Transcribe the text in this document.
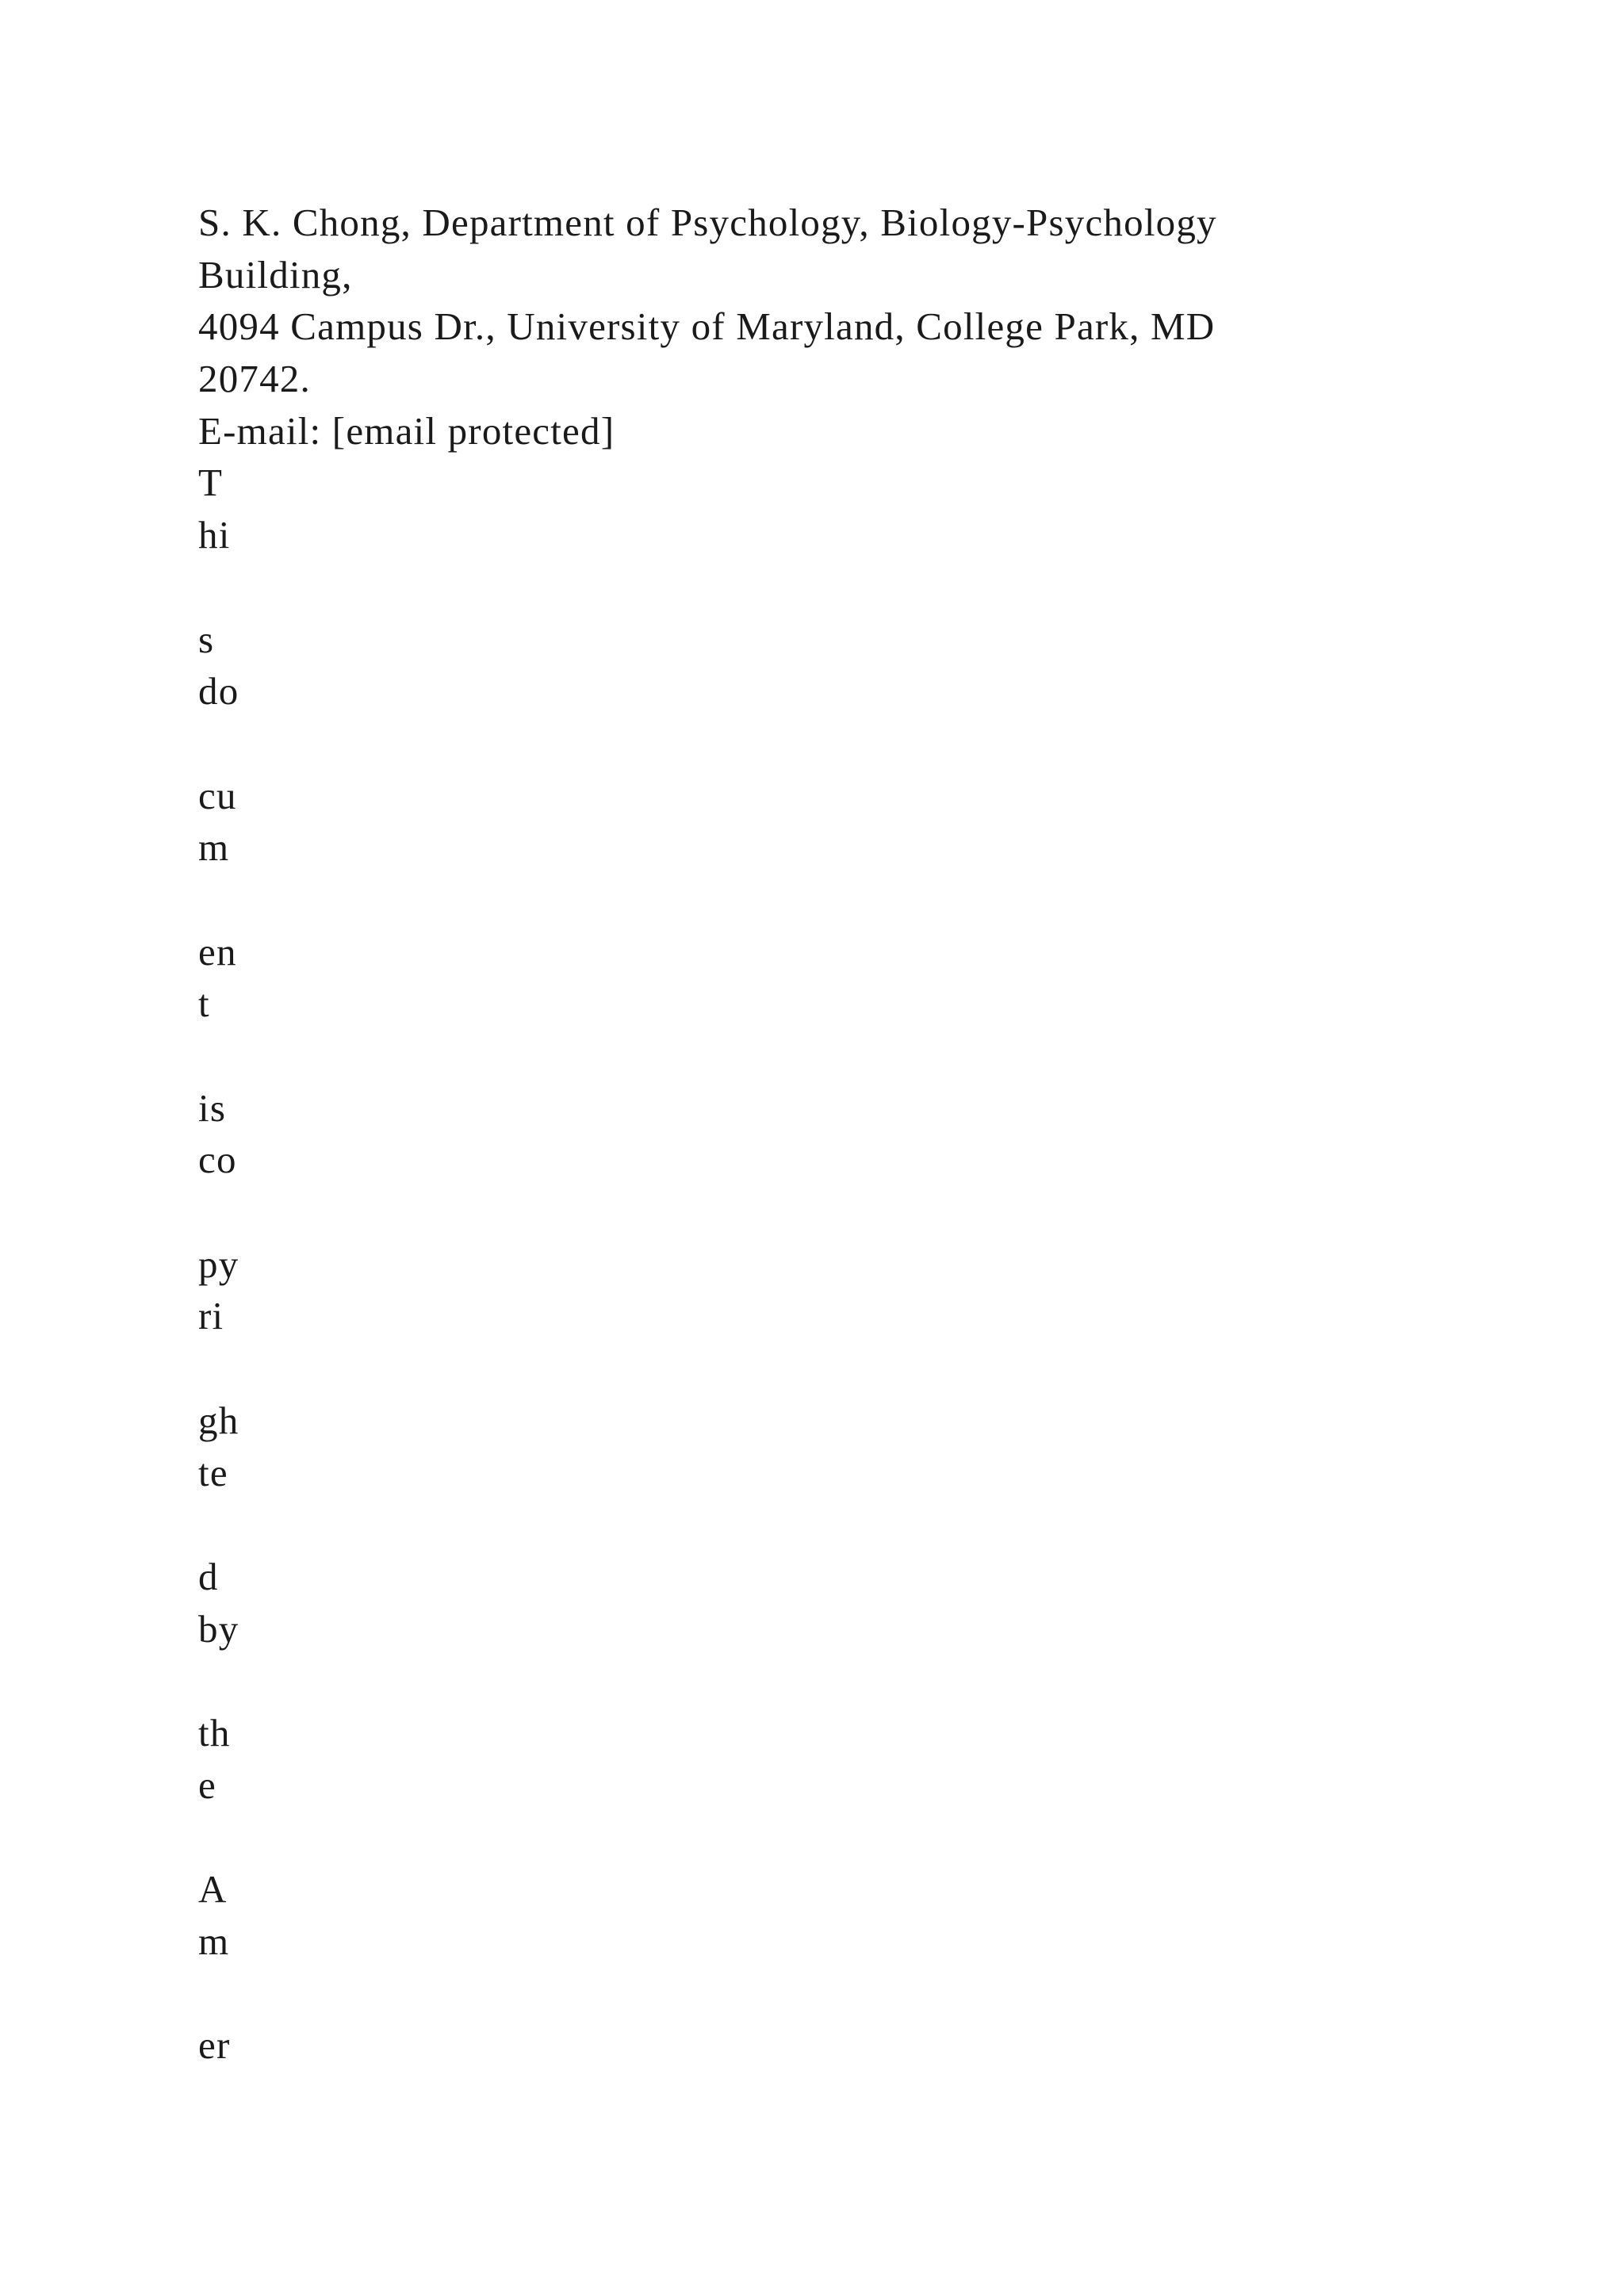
S. K. Chong, Department of Psychology, Biology-Psychology
Building,
4094 Campus Dr., University of Maryland, College Park, MD
20742.
E-mail: [email protected]
T
hi
s
do
cu
m
en
t
is
co
py
ri
gh
te
d
by
th
e
A
m
er
